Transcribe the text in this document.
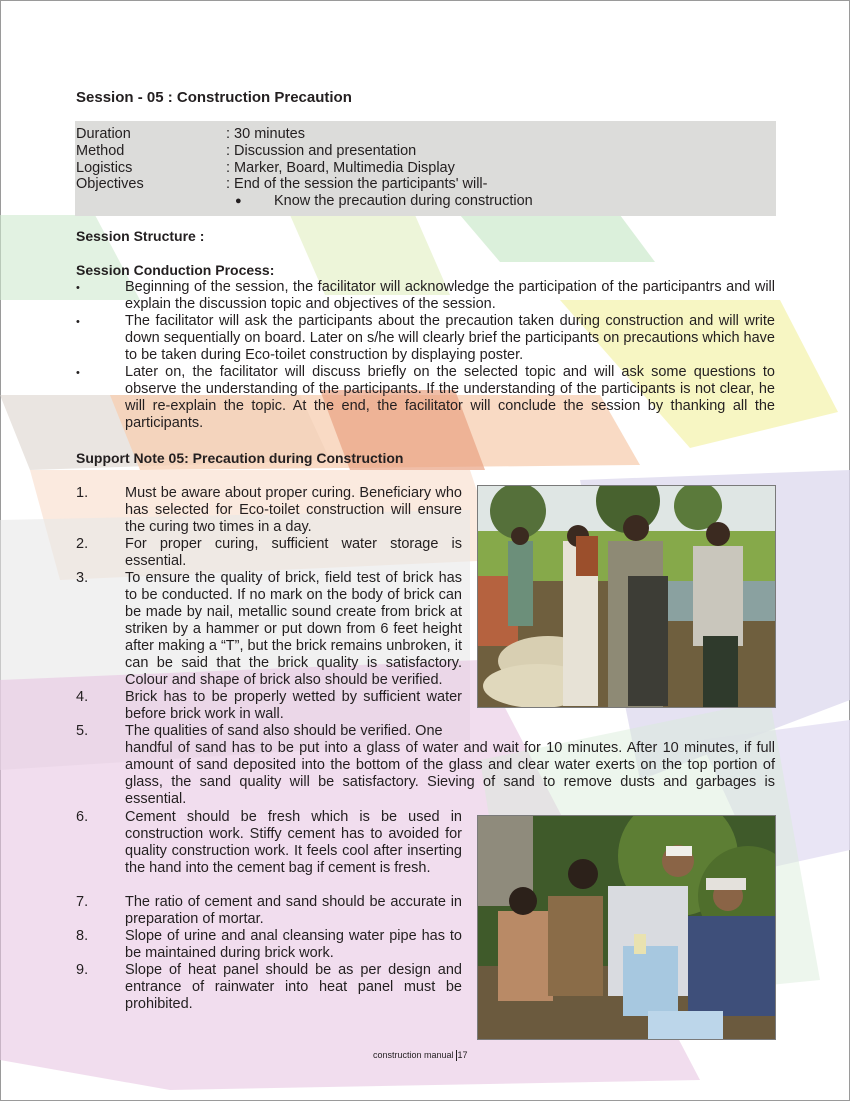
Session - 05 : Construction Precaution
Duration	: 30 minutes
Method	: Discussion and presentation
Logistics	: Marker, Board, Multimedia Display
Objectives	: End of the session the participants' will-
● Know the precaution during construction
Session Structure :
Session Conduction Process:
•	Beginning of the session, the facilitator will acknowledge the participation of the participantrs and will explain the discussion topic and objectives of the session.
•	The facilitator will ask the participants about the precaution taken during construction and will write down sequentially on board. Later on s/he will clearly brief the participants on precautions which have to be taken during Eco-toilet construction by displaying poster.
•	Later on, the facilitator will discuss briefly on the selected topic and will ask some questions to observe the understanding of the participants. If the understanding of the participants is not clear, he will re-explain the topic. At the end, the facilitator will conclude the session by thanking all the participants.
Support Note 05: Precaution during Construction
1.	Must be aware about proper curing. Beneficiary who has selected for Eco-toilet construction will ensure the curing two times in a day.
2.	For proper curing, sufficient water storage is essential.
3.	To ensure the quality of brick, field test of brick has to be conducted. If no mark on the body of brick can be made by nail, metallic sound create from brick at striken by a hammer or put down from 6 feet height after making a “T”, but the brick remains unbroken, it can be said that the brick quality is satisfactory. Colour and shape of brick also should be verified.
4.	Brick has to be properly wetted by sufficient water before brick work in wall.
5.	The qualities of sand also should be verified. One
handful of sand has to be put into a glass of water and wait for 10 minutes. After 10 minutes, if full amount of sand deposited into the bottom of the glass and clear water exerts on the top portion of glass, the sand quality will be satisfactory. Sieving of sand to remove dusts and garbages is essential.
6.	Cement should be fresh which is be used in construction work. Stiffy cement has to avoided for quality construction work. It feels cool after inserting the hand into the cement bag if cement is fresh.
7.	The ratio of cement and sand should be accurate in preparation of mortar.
8.	Slope of urine and anal cleansing water pipe has to be maintained during brick work.
9.	Slope of heat panel should be as per design and entrance of rainwater into heat panel must be prohibited.
construction manual 17
